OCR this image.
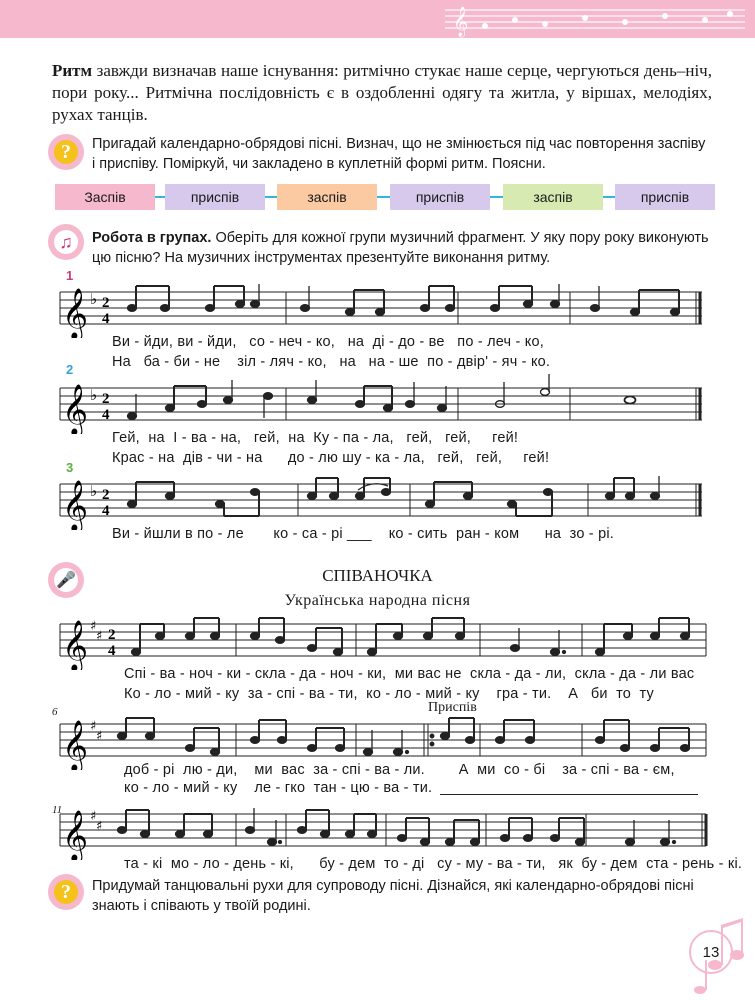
𝄞
Ритм завжди визначав наше існування: ритмічно стукає наше серце, чергуються день–ніч, пори року... Ритмічна послідовність є в оздобленні одягу та житла, у віршах, мелодіях, рухах танців.
?	Пригадай календарно-обрядові пісні. Визнач, що не змінюється під час повторення заспіву і приспіву. Поміркуй, чи закладено в куплетній формі ритм. Поясни.
Заспів	приспів	заспів	приспів	заспів	приспів
♫	Робота в групах. Оберіть для кожної групи музичний фрагмент. У яку пору року виконують цю пісню? На музичних інструментах презентуйте виконання ритму.
1
𝄞 ♭ 2
4
Ви - йди, ви - йди,   со - неч - ко,   на  ді - до - ве   по - леч - ко,
На   ба - би - не    зіл - ляч - ко,   на   на - ше  по - двір' - яч - ко.
2
𝄞 ♭ 2
4
Гей,  на  І - ва - на,   гей,  на  Ку - па - ла,   гей,   гей,     гей!
Крас - на  дів - чи - на      до - лю шу - ка - ла,   гей,   гей,     гей!
3
𝄞 ♭ 2
4
Ви - йшли в по - ле       ко - са - рі ___    ко - сить  ран - ком      на  зо - рі.
🎤	СПІВАНОЧКА
Українська народна пісня
𝄞 ♯
♯ 2
4
Спі - ва - ноч - ки - скла - да - ноч - ки,  ми вас не  скла - да - ли,  скла - да - ли вас
Ко - ло - мий - ку  за - спі - ва - ти,  ко - ло - мий - ку    гра - ти.    А   би  то  ту
6	Приспів
𝄞 ♯
♯
доб - рі  лю - ди,    ми  вас  за - спі - ва - ли.        А  ми  со - бі    за - спі - ва - єм,
ко - ло - мий - ку    ле - гко  тан - цю - ва - ти.
11 𝄞 ♯
♯
та - кі  мо - ло - день - кі,      бу - дем  то - ді   су - му - ва - ти,   як  бу - дем  ста - рень - кі.
?	Придумай танцювальні рухи для супроводу пісні. Дізнайся, які календарно-обрядові пісні знають і співають у твоїй родині.
13
